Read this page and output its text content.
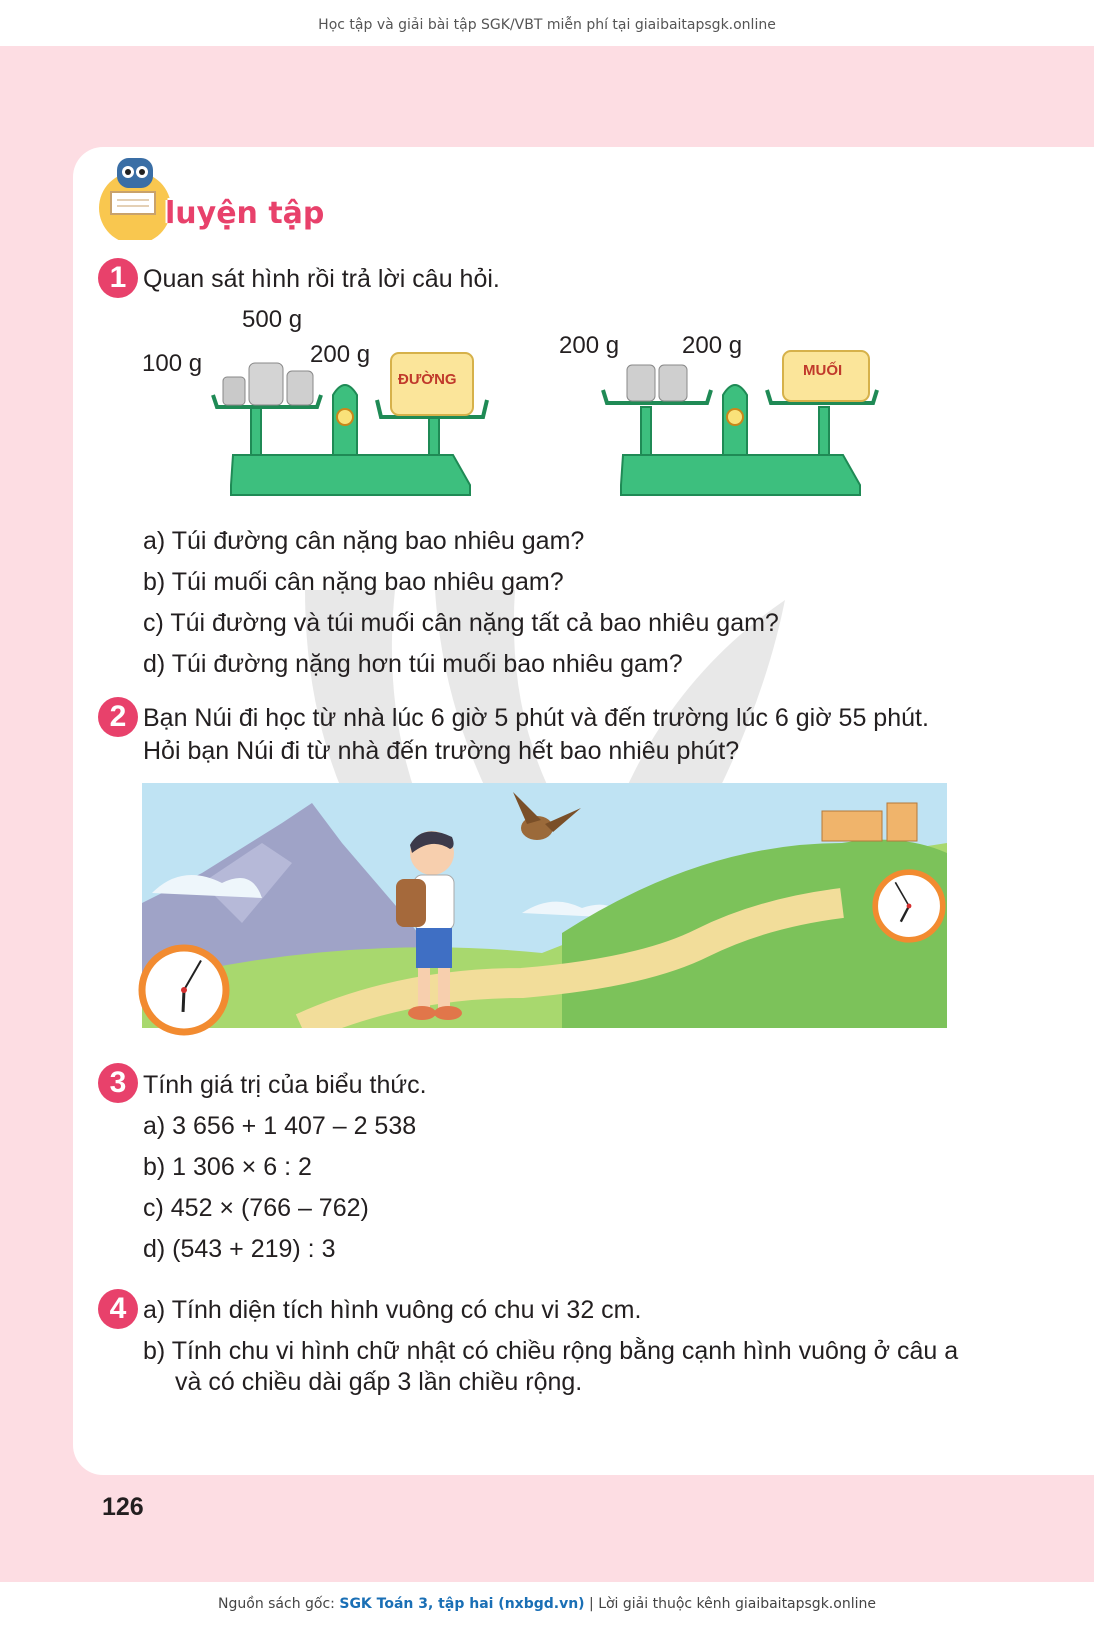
Học tập và giải bài tập SGK/VBT miễn phí tại giaibaitapsgk.online
luyện tập
1 Quan sát hình rồi trả lời câu hỏi.
100 g
500 g
200 g
ĐƯỜNG
200 g	200 g
MUỐI
a) Túi đường cân nặng bao nhiêu gam?
b) Túi muối cân nặng bao nhiêu gam?
c) Túi đường và túi muối cân nặng tất cả bao nhiêu gam?
d) Túi đường nặng hơn túi muối bao nhiêu gam?
2 Bạn Núi đi học từ nhà lúc 6 giờ 5 phút và đến trường lúc 6 giờ 55 phút.
Hỏi bạn Núi đi từ nhà đến trường hết bao nhiêu phút?
3 Tính giá trị của biểu thức.
a) 3 656 + 1 407 – 2 538
b) 1 306 × 6 : 2
c) 452 × (766 – 762)
d) (543 + 219) : 3
4 a) Tính diện tích hình vuông có chu vi 32 cm.
b) Tính chu vi hình chữ nhật có chiều rộng bằng cạnh hình vuông ở câu a
và có chiều dài gấp 3 lần chiều rộng.
126
Nguồn sách gốc: SGK Toán 3, tập hai (nxbgd.vn) | Lời giải thuộc kênh giaibaitapsgk.online
